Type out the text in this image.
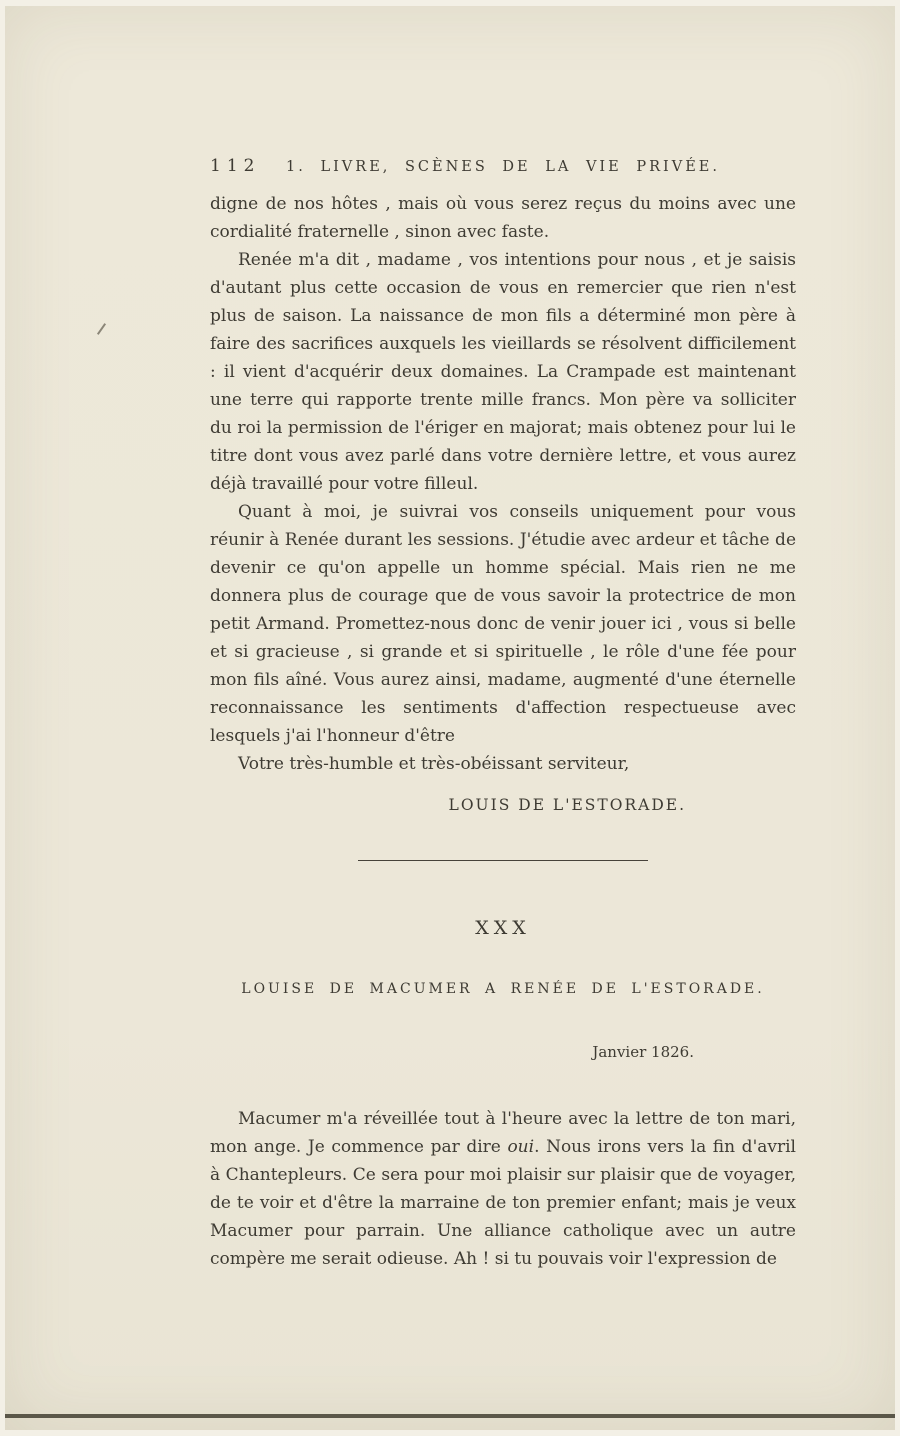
112 1. LIVRE, SCÈNES DE LA VIE PRIVÉE.

digne de nos hôtes , mais où vous serez reçus du moins avec une cordialité fraternelle , sinon avec faste.

Renée m'a dit , madame , vos intentions pour nous , et je saisis d'autant plus cette occasion de vous en remercier que rien n'est plus de saison. La naissance de mon fils a déterminé mon père à faire des sacrifices auxquels les vieillards se résolvent difficilement : il vient d'acquérir deux domaines. La Crampade est maintenant une terre qui rapporte trente mille francs. Mon père va solliciter du roi la permission de l'ériger en majorat; mais obtenez pour lui le titre dont vous avez parlé dans votre dernière lettre, et vous aurez déjà travaillé pour votre filleul.

Quant à moi, je suivrai vos conseils uniquement pour vous réunir à Renée durant les sessions. J'étudie avec ardeur et tâche de devenir ce qu'on appelle un homme spécial. Mais rien ne me donnera plus de courage que de vous savoir la protectrice de mon petit Armand. Promettez-nous donc de venir jouer ici , vous si belle et si gracieuse , si grande et si spirituelle , le rôle d'une fée pour mon fils aîné. Vous aurez ainsi, madame, augmenté d'une éternelle reconnaissance les sentiments d'affection respectueuse avec lesquels j'ai l'honneur d'être

Votre très-humble et très-obéissant serviteur,

LOUIS DE L'ESTORADE.

XXX
LOUISE DE MACUMER A RENÉE DE L'ESTORADE.

Janvier 1826.

Macumer m'a réveillée tout à l'heure avec la lettre de ton mari, mon ange. Je commence par dire oui. Nous irons vers la fin d'avril à Chantepleurs. Ce sera pour moi plaisir sur plaisir que de voyager, de te voir et d'être la marraine de ton premier enfant; mais je veux Macumer pour parrain. Une alliance catholique avec un autre compère me serait odieuse. Ah ! si tu pouvais voir l'expression de
